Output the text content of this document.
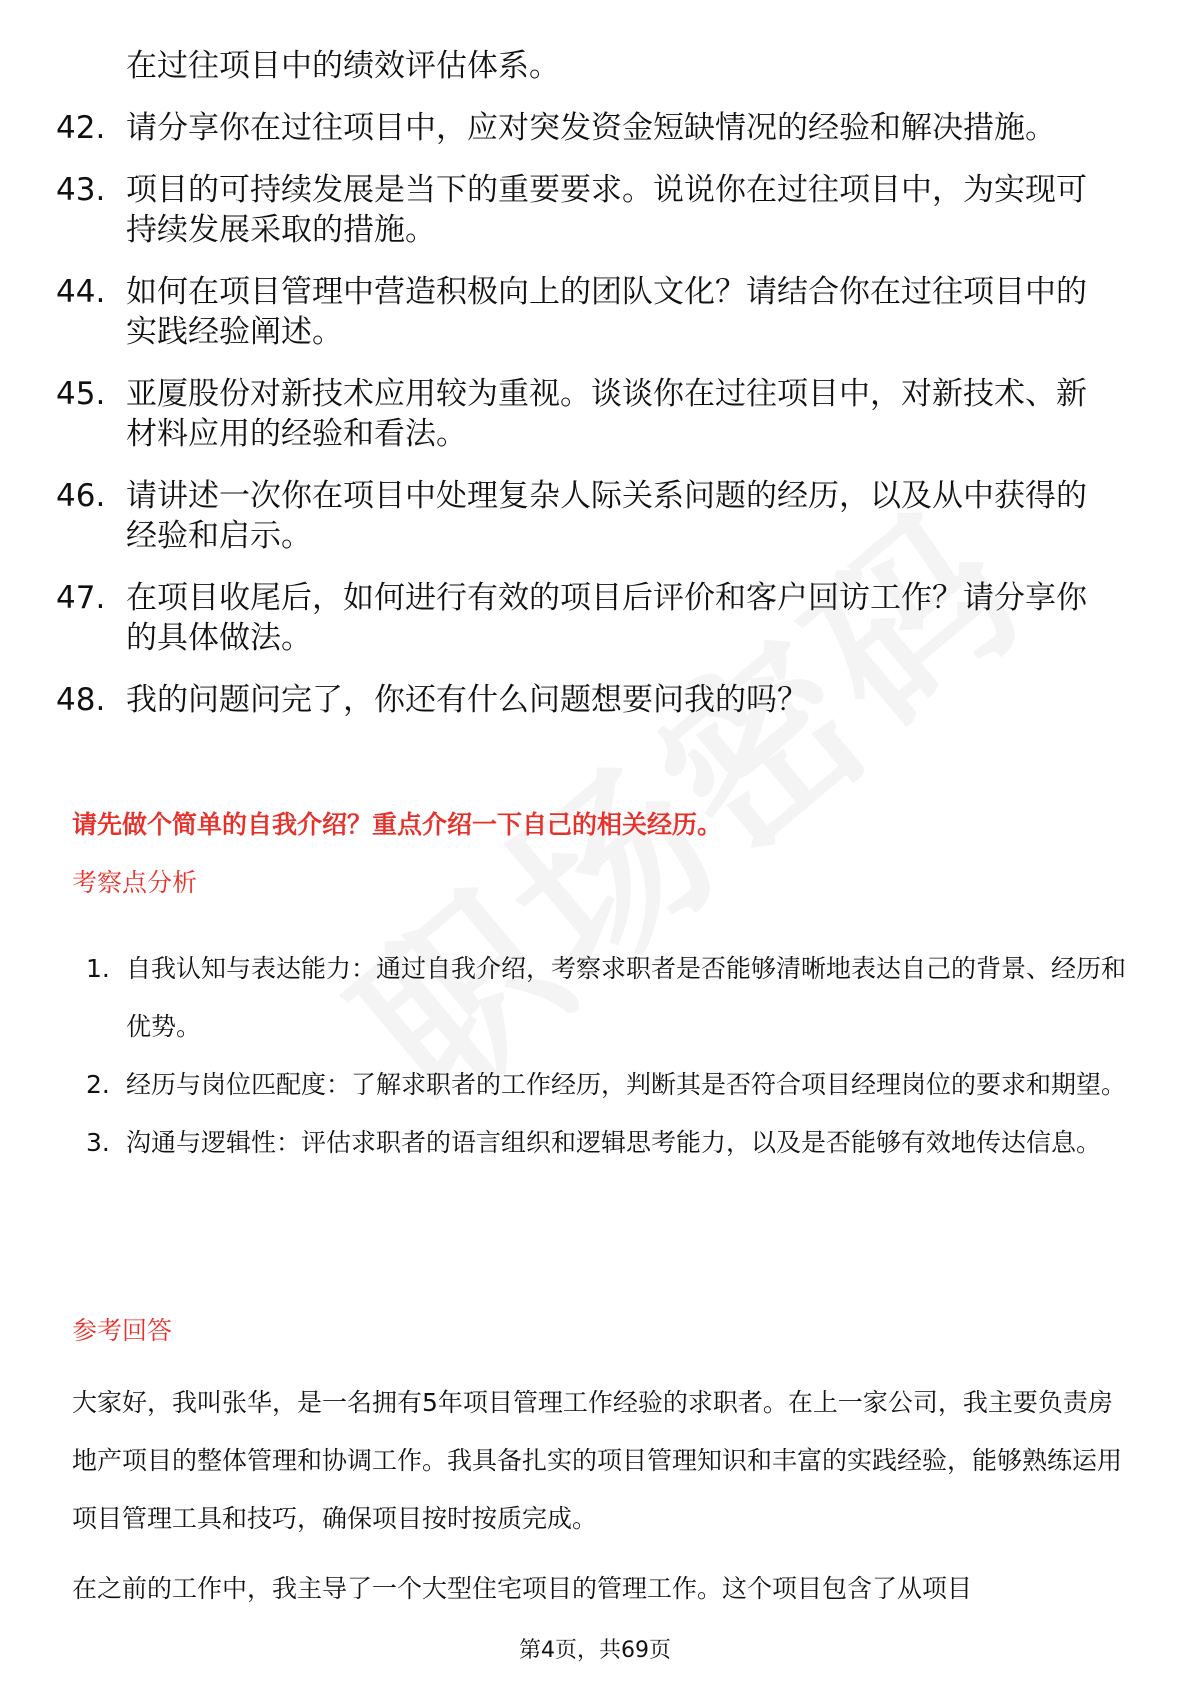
在过往项目中的绩效评估体系。
42. 请分享你在过往项目中，应对突发资金短缺情况的经验和解决措施。
43. 项目的可持续发展是当下的重要要求。说说你在过往项目中，为实现可持续发展采取的措施。
44. 如何在项目管理中营造积极向上的团队文化？请结合你在过往项目中的实践经验阐述。
45. 亚厦股份对新技术应用较为重视。谈谈你在过往项目中，对新技术、新材料应用的经验和看法。
46. 请讲述一次你在项目中处理复杂人际关系问题的经历，以及从中获得的经验和启示。
47. 在项目收尾后，如何进行有效的项目后评价和客户回访工作？请分享你的具体做法。
48. 我的问题问完了，你还有什么问题想要问我的吗？
请先做个简单的自我介绍？重点介绍一下自己的相关经历。
考察点分析
1. 自我认知与表达能力：通过自我介绍，考察求职者是否能够清晰地表达自己的背景、经历和优势。
2. 经历与岗位匹配度：了解求职者的工作经历，判断其是否符合项目经理岗位的要求和期望。
3. 沟通与逻辑性：评估求职者的语言组织和逻辑思考能力，以及是否能够有效地传达信息。
参考回答
大家好，我叫张华，是一名拥有5年项目管理工作经验的求职者。在上一家公司，我主要负责房地产项目的整体管理和协调工作。我具备扎实的项目管理知识和丰富的实践经验，能够熟练运用项目管理工具和技巧，确保项目按时按质完成。
在之前的工作中，我主导了一个大型住宅项目的管理工作。这个项目包含了从项目
第4页，共69页
